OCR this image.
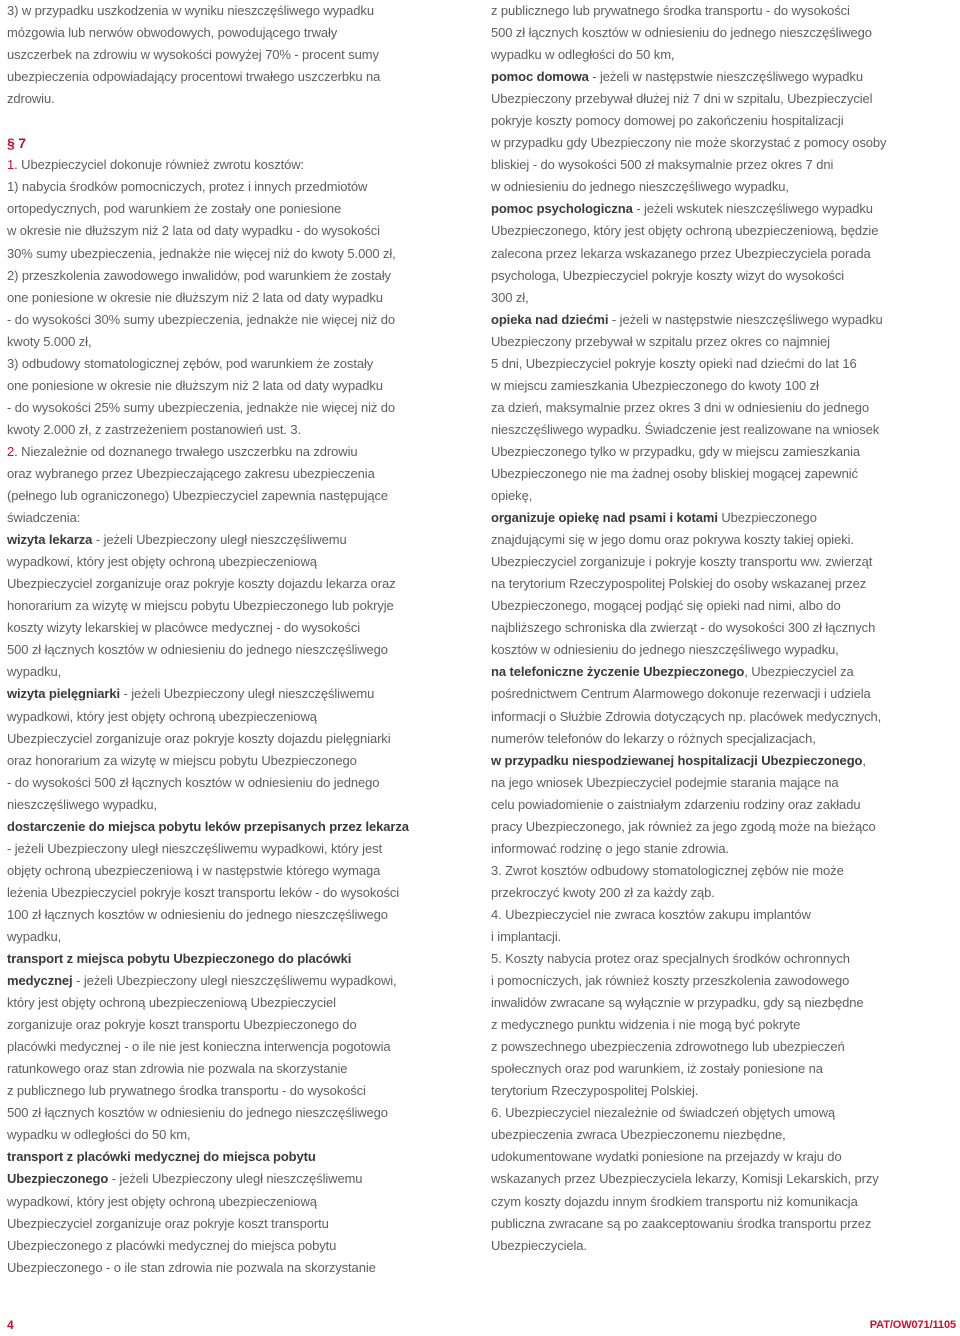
3) w przypadku uszkodzenia w wyniku nieszczęśliwego wypadku
mózgowia lub nerwów obwodowych, powodującego trwały
uszczerbek na zdrowiu w wysokości powyżej 70% - procent sumy
ubezpieczenia odpowiadający procentowi trwałego uszczerbku na
zdrowiu.
§ 7
1. Ubezpieczyciel dokonuje również zwrotu kosztów:
1) nabycia środków pomocniczych, protez i innych przedmiotów
ortopedycznych, pod warunkiem że zostały one poniesione
w okresie nie dłuższym niż 2 lata od daty wypadku - do wysokości
30% sumy ubezpieczenia, jednakże nie więcej niż do kwoty 5.000 zł,
2) przeszkolenia zawodowego inwalidów, pod warunkiem że zostały
one poniesione w okresie nie dłuższym niż 2 lata od daty wypadku
- do wysokości 30% sumy ubezpieczenia, jednakże nie więcej niż do
kwoty 5.000 zł,
3) odbudowy stomatologicznej zębów, pod warunkiem że zostały
one poniesione w okresie nie dłuższym niż 2 lata od daty wypadku
- do wysokości 25% sumy ubezpieczenia, jednakże nie więcej niż do
kwoty 2.000 zł, z zastrzeżeniem postanowień ust. 3.
2. Niezależnie od doznanego trwałego uszczerbku na zdrowiu
oraz wybranego przez Ubezpieczającego zakresu ubezpieczenia
(pełnego lub ograniczonego) Ubezpieczyciel zapewnia następujące
świadczenia:
wizyta lekarza - jeżeli Ubezpieczony uległ nieszczęśliwemu
wypadkowi, który jest objęty ochroną ubezpieczeniową
Ubezpieczyciel zorganizuje oraz pokryje koszty dojazdu lekarza oraz
honorarium za wizytę w miejscu pobytu Ubezpieczonego lub pokryje
koszty wizyty lekarskiej w placówce medycznej - do wysokości
500 zł łącznych kosztów w odniesieniu do jednego nieszczęśliwego
wypadku,
wizyta pielęgniarki - jeżeli Ubezpieczony uległ nieszczęśliwemu
wypadkowi, który jest objęty ochroną ubezpieczeniową
Ubezpieczyciel zorganizuje oraz pokryje koszty dojazdu pielęgniarki
oraz honorarium za wizytę w miejscu pobytu Ubezpieczonego
- do wysokości 500 zł łącznych kosztów w odniesieniu do jednego
nieszczęśliwego wypadku,
dostarczenie do miejsca pobytu leków przepisanych przez lekarza
- jeżeli Ubezpieczony uległ nieszczęśliwemu wypadkowi, który jest
objęty ochroną ubezpieczeniową i w następstwie którego wymaga
leżenia Ubezpieczyciel pokryje koszt transportu leków - do wysokości
100 zł łącznych kosztów w odniesieniu do jednego nieszczęśliwego
wypadku,
transport z miejsca pobytu Ubezpieczonego do placówki
medycznej - jeżeli Ubezpieczony uległ nieszczęśliwemu wypadkowi,
który jest objęty ochroną ubezpieczeniową Ubezpieczyciel
zorganizuje oraz pokryje koszt transportu Ubezpieczonego do
placówki medycznej - o ile nie jest konieczna interwencja pogotowia
ratunkowego oraz stan zdrowia nie pozwala na skorzystanie
z publicznego lub prywatnego środka transportu - do wysokości
500 zł łącznych kosztów w odniesieniu do jednego nieszczęśliwego
wypadku w odległości do 50 km,
transport z placówki medycznej do miejsca pobytu
Ubezpieczonego - jeżeli Ubezpieczony uległ nieszczęśliwemu
wypadkowi, który jest objęty ochroną ubezpieczeniową
Ubezpieczyciel zorganizuje oraz pokryje koszt transportu
Ubezpieczonego z placówki medycznej do miejsca pobytu
Ubezpieczonego - o ile stan zdrowia nie pozwala na skorzystanie
z publicznego lub prywatnego środka transportu - do wysokości
500 zł łącznych kosztów w odniesieniu do jednego nieszczęśliwego
wypadku w odległości do 50 km,
pomoc domowa - jeżeli w następstwie nieszczęśliwego wypadku
Ubezpieczony przebywał dłużej niż 7 dni w szpitalu, Ubezpieczyciel
pokryje koszty pomocy domowej po zakończeniu hospitalizacji
w przypadku gdy Ubezpieczony nie może skorzystać z pomocy osoby
bliskiej - do wysokości 500 zł maksymalnie przez okres 7 dni
w odniesieniu do jednego nieszczęśliwego wypadku,
pomoc psychologiczna - jeżeli wskutek nieszczęśliwego wypadku
Ubezpieczonego, który jest objęty ochroną ubezpieczeniową, będzie
zalecona przez lekarza wskazanego przez Ubezpieczyciela porada
psychologa, Ubezpieczyciel pokryje koszty wizyt do wysokości
300 zł,
opieka nad dziećmi - jeżeli w następstwie nieszczęśliwego wypadku
Ubezpieczony przebywał w szpitalu przez okres co najmniej
5 dni, Ubezpieczyciel pokryje koszty opieki nad dziećmi do lat 16
w miejscu zamieszkania Ubezpieczonego do kwoty 100 zł
za dzień, maksymalnie przez okres 3 dni w odniesieniu do jednego
nieszczęśliwego wypadku. Świadczenie jest realizowane na wniosek
Ubezpieczonego tylko w przypadku, gdy w miejscu zamieszkania
Ubezpieczonego nie ma żadnej osoby bliskiej mogącej zapewnić
opiekę,
organizuje opiekę nad psami i kotami Ubezpieczonego
znajdującymi się w jego domu oraz pokrywa koszty takiej opieki.
Ubezpieczyciel zorganizuje i pokryje koszty transportu ww. zwierząt
na terytorium Rzeczypospolitej Polskiej do osoby wskazanej przez
Ubezpieczonego, mogącej podjąć się opieki nad nimi, albo do
najbliższego schroniska dla zwierząt - do wysokości 300 zł łącznych
kosztów w odniesieniu do jednego nieszczęśliwego wypadku,
na telefoniczne życzenie Ubezpieczonego, Ubezpieczyciel za
pośrednictwem Centrum Alarmowego dokonuje rezerwacji i udziela
informacji o Służbie Zdrowia dotyczących np. placówek medycznych,
numerów telefonów do lekarzy o różnych specjalizacjach,
w przypadku niespodziewanej hospitalizacji Ubezpieczonego,
na jego wniosek Ubezpieczyciel podejmie starania mające na
celu powiadomienie o zaistniałym zdarzeniu rodziny oraz zakładu
pracy Ubezpieczonego, jak również za jego zgodą może na bieżąco
informować rodzinę o jego stanie zdrowia.
3. Zwrot kosztów odbudowy stomatologicznej zębów nie może
przekroczyć kwoty 200 zł za każdy ząb.
4. Ubezpieczyciel nie zwraca kosztów zakupu implantów
i implantacji.
5. Koszty nabycia protez oraz specjalnych środków ochronnych
i pomocniczych, jak również koszty przeszkolenia zawodowego
inwalidów zwracane są wyłącznie w przypadku, gdy są niezbędne
z medycznego punktu widzenia i nie mogą być pokryte
z powszechnego ubezpieczenia zdrowotnego lub ubezpieczeń
społecznych oraz pod warunkiem, iż zostały poniesione na
terytorium Rzeczypospolitej Polskiej.
6. Ubezpieczyciel niezależnie od świadczeń objętych umową
ubezpieczenia zwraca Ubezpieczonemu niezbędne,
udokumentowane wydatki poniesione na przejazdy w kraju do
wskazanych przez Ubezpieczyciela lekarzy, Komisji Lekarskich, przy
czym koszty dojazdu innym środkiem transportu niż komunikacja
publiczna zwracane są po zaakceptowaniu środka transportu przez
Ubezpieczyciela.
4	PAT/OW071/1105
